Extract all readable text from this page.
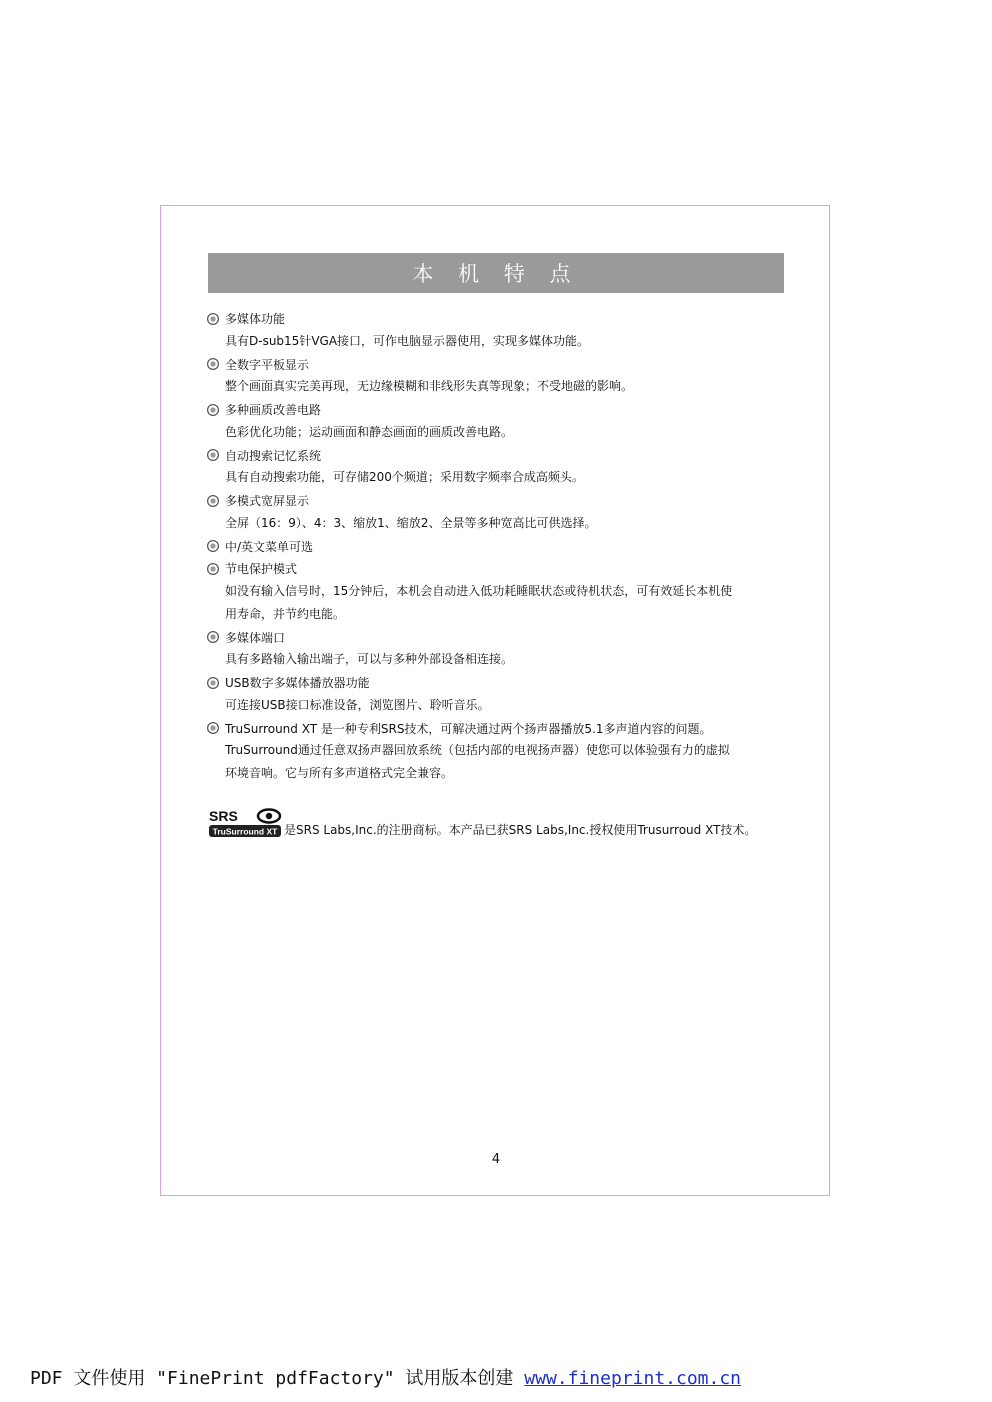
本 机 特 点
多媒体功能

具有D-sub15针VGA接口，可作电脑显示器使用，实现多媒体功能。

全数字平板显示

整个画面真实完美再现，无边缘模糊和非线形失真等现象；不受地磁的影响。

多种画质改善电路

色彩优化功能；运动画面和静态画面的画质改善电路。

自动搜索记忆系统

具有自动搜索功能，可存储200个频道；采用数字频率合成高频头。

多模式宽屏显示

全屏（16：9）、4：3、缩放1、缩放2、全景等多种宽高比可供选择。

中/英文菜单可选
节电保护模式

如没有输入信号时，15分钟后，本机会自动进入低功耗睡眠状态或待机状态，可有效延长本机使

用寿命，并节约电能。

多媒体端口

具有多路输入输出端子，可以与多种外部设备相连接。

USB数字多媒体播放器功能

可连接USB接口标准设备，浏览图片、聆听音乐。

TruSurround XT 是一种专利SRS技术，可解决通过两个扬声器播放5.1多声道内容的问题。

TruSurround通过任意双扬声器回放系统（包括内部的电视扬声器）使您可以体验强有力的虚拟

环境音响。它与所有多声道格式完全兼容。

SRS
TruSurround XT 是SRS Labs,Inc.的注册商标。本产品已获SRS Labs,Inc.授权使用Trusurroud XT技术。
4
PDF 文件使用 "FinePrint pdfFactory" 试用版本创建 www.fineprint.com.cn
